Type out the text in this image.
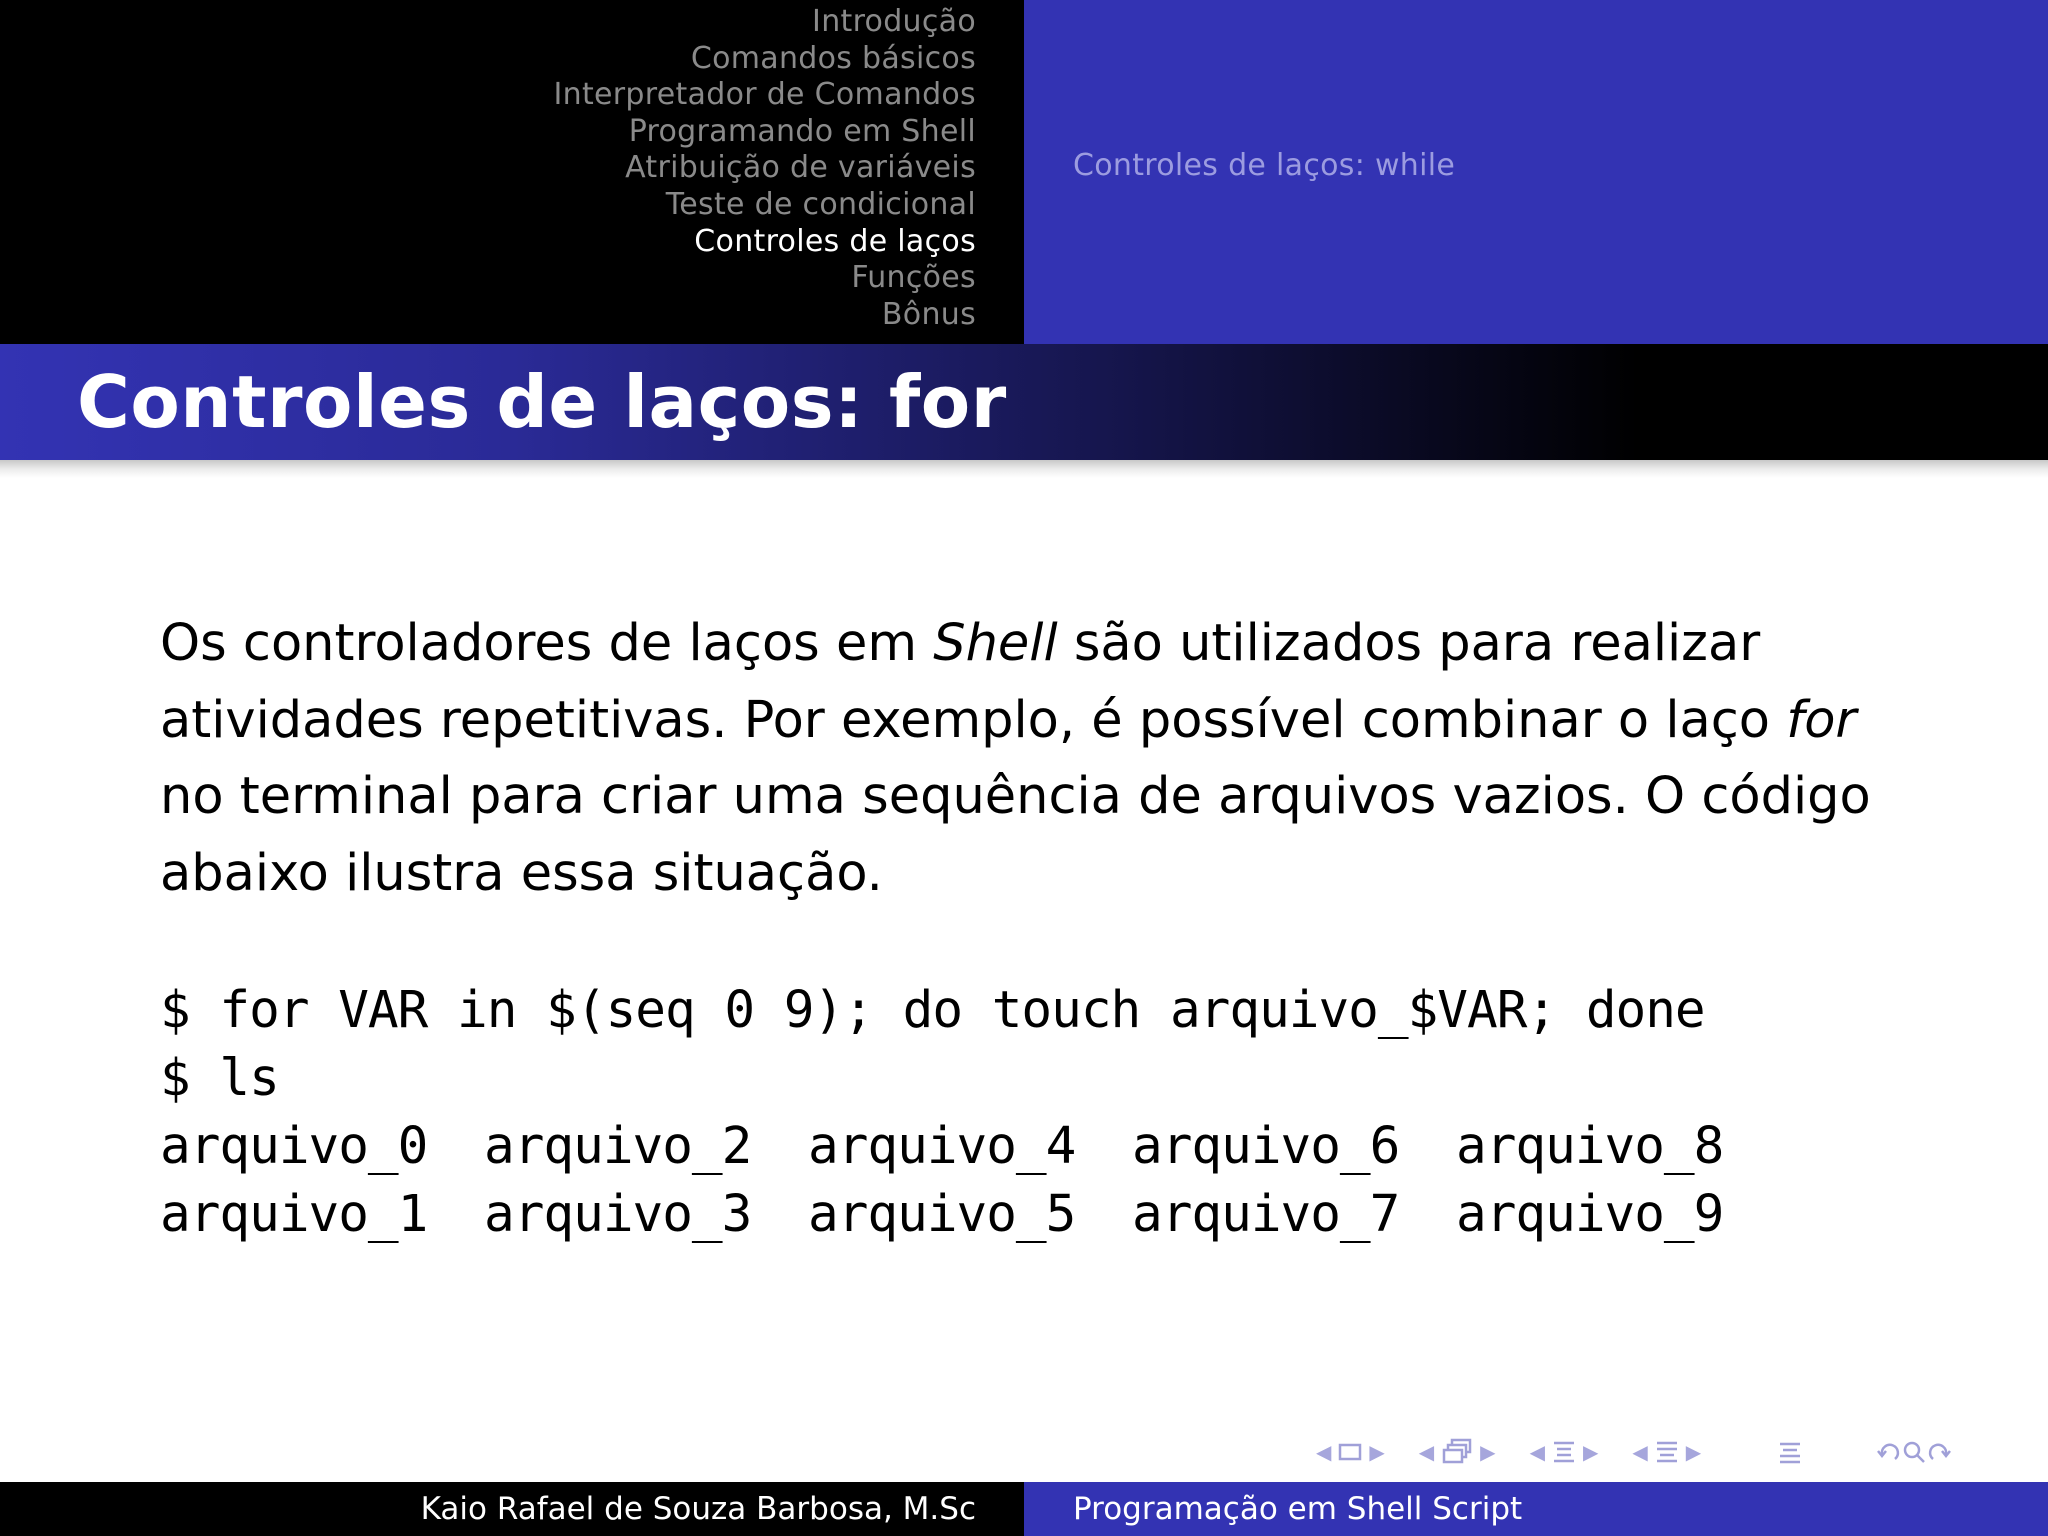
Introdução
Comandos básicos
Interpretador de Comandos
Programando em Shell
Atribuição de variáveis
Teste de condicional
Controles de laços
Funções
Bônus
Controles de laços: while
Controles de laços: for
Os controladores de laços em Shell são utilizados para realizar
atividades repetitivas. Por exemplo, é possível combinar o laço for
no terminal para criar uma sequência de arquivos vazios. O código
abaixo ilustra essa situação.
$ for VAR in $(seq 0 9); do touch arquivo_$VAR; done
$ ls
arquivo_0	arquivo_2	arquivo_4	arquivo_6	arquivo_8
arquivo_1	arquivo_3	arquivo_5	arquivo_7	arquivo_9
◀	▶	◀	▶	◀	▶	◀	▶
Kaio Rafael de Souza Barbosa, M.Sc	Programação em Shell Script
